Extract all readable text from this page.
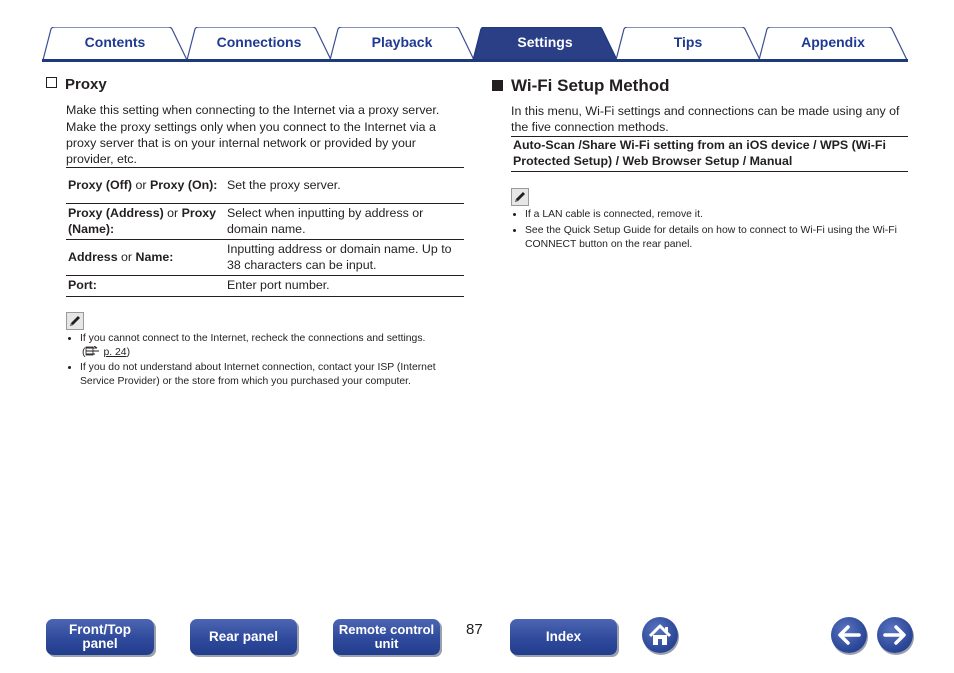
Contents	Connections	Playback	Settings	Tips	Appendix
Proxy
Make this setting when connecting to the Internet via a proxy server.
Make the proxy settings only when you connect to the Internet via a proxy server that is on your internal network or provided by your provider, etc.
Proxy (Off) or Proxy (On):	Set the proxy server.
Proxy (Address) or Proxy (Name):	Select when inputting by address or domain name.
Address or Name:	Inputting address or domain name. Up to 38 characters can be input.
Port:	Enter port number.
If you cannot connect to the Internet, recheck the connections and settings.
( p. 24)
If you do not understand about Internet connection, contact your ISP (Internet Service Provider) or the store from which you purchased your computer.
Wi-Fi Setup Method
In this menu, Wi-Fi settings and connections can be made using any of the five connection methods.
Auto-Scan /Share Wi-Fi setting from an iOS device / WPS (Wi-Fi Protected Setup) / Web Browser Setup / Manual
If a LAN cable is connected, remove it.
See the Quick Setup Guide for details on how to connect to Wi-Fi using the Wi-Fi CONNECT button on the rear panel.
Front/Top panel	Rear panel	Remote control unit
87	Index
